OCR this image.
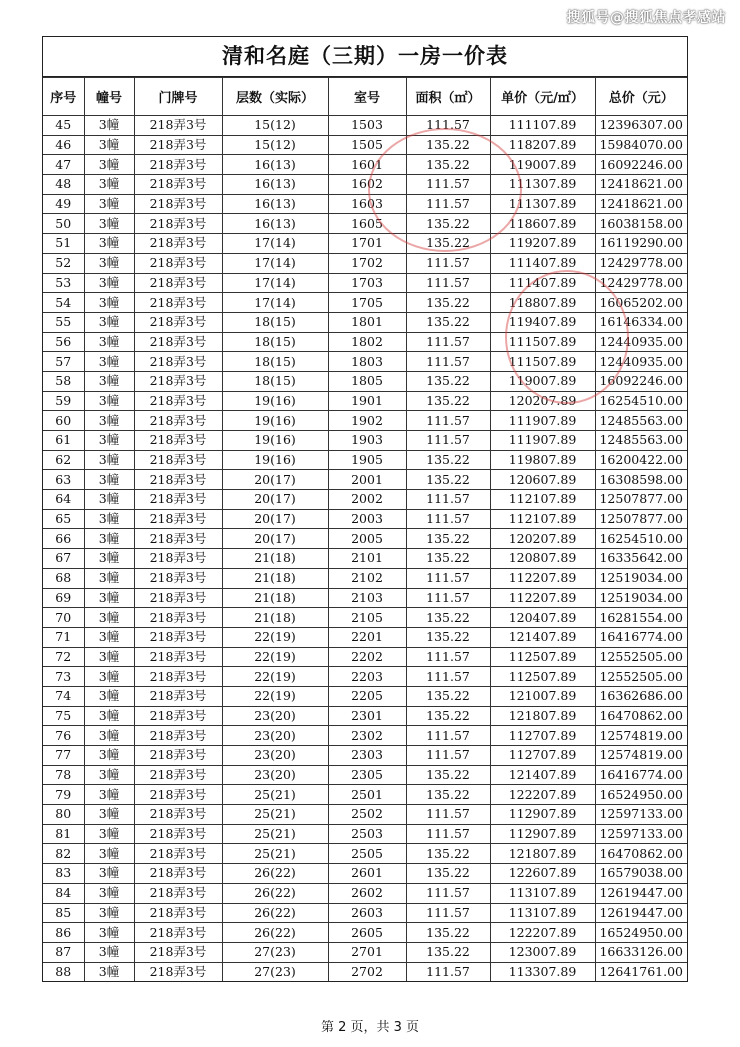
搜狐号@搜狐焦点孝感站
清和名庭（三期）一房一价表
序号	幢号	门牌号	层数（实际）	室号	面积（㎡）	单价（元/㎡）	总价（元）
45	3幢	218弄3号	15(12)	1503	111.57	111107.89	12396307.00
46	3幢	218弄3号	15(12)	1505	135.22	118207.89	15984070.00
47	3幢	218弄3号	16(13)	1601	135.22	119007.89	16092246.00
48	3幢	218弄3号	16(13)	1602	111.57	111307.89	12418621.00
49	3幢	218弄3号	16(13)	1603	111.57	111307.89	12418621.00
50	3幢	218弄3号	16(13)	1605	135.22	118607.89	16038158.00
51	3幢	218弄3号	17(14)	1701	135.22	119207.89	16119290.00
52	3幢	218弄3号	17(14)	1702	111.57	111407.89	12429778.00
53	3幢	218弄3号	17(14)	1703	111.57	111407.89	12429778.00
54	3幢	218弄3号	17(14)	1705	135.22	118807.89	16065202.00
55	3幢	218弄3号	18(15)	1801	135.22	119407.89	16146334.00
56	3幢	218弄3号	18(15)	1802	111.57	111507.89	12440935.00
57	3幢	218弄3号	18(15)	1803	111.57	111507.89	12440935.00
58	3幢	218弄3号	18(15)	1805	135.22	119007.89	16092246.00
59	3幢	218弄3号	19(16)	1901	135.22	120207.89	16254510.00
60	3幢	218弄3号	19(16)	1902	111.57	111907.89	12485563.00
61	3幢	218弄3号	19(16)	1903	111.57	111907.89	12485563.00
62	3幢	218弄3号	19(16)	1905	135.22	119807.89	16200422.00
63	3幢	218弄3号	20(17)	2001	135.22	120607.89	16308598.00
64	3幢	218弄3号	20(17)	2002	111.57	112107.89	12507877.00
65	3幢	218弄3号	20(17)	2003	111.57	112107.89	12507877.00
66	3幢	218弄3号	20(17)	2005	135.22	120207.89	16254510.00
67	3幢	218弄3号	21(18)	2101	135.22	120807.89	16335642.00
68	3幢	218弄3号	21(18)	2102	111.57	112207.89	12519034.00
69	3幢	218弄3号	21(18)	2103	111.57	112207.89	12519034.00
70	3幢	218弄3号	21(18)	2105	135.22	120407.89	16281554.00
71	3幢	218弄3号	22(19)	2201	135.22	121407.89	16416774.00
72	3幢	218弄3号	22(19)	2202	111.57	112507.89	12552505.00
73	3幢	218弄3号	22(19)	2203	111.57	112507.89	12552505.00
74	3幢	218弄3号	22(19)	2205	135.22	121007.89	16362686.00
75	3幢	218弄3号	23(20)	2301	135.22	121807.89	16470862.00
76	3幢	218弄3号	23(20)	2302	111.57	112707.89	12574819.00
77	3幢	218弄3号	23(20)	2303	111.57	112707.89	12574819.00
78	3幢	218弄3号	23(20)	2305	135.22	121407.89	16416774.00
79	3幢	218弄3号	25(21)	2501	135.22	122207.89	16524950.00
80	3幢	218弄3号	25(21)	2502	111.57	112907.89	12597133.00
81	3幢	218弄3号	25(21)	2503	111.57	112907.89	12597133.00
82	3幢	218弄3号	25(21)	2505	135.22	121807.89	16470862.00
83	3幢	218弄3号	26(22)	2601	135.22	122607.89	16579038.00
84	3幢	218弄3号	26(22)	2602	111.57	113107.89	12619447.00
85	3幢	218弄3号	26(22)	2603	111.57	113107.89	12619447.00
86	3幢	218弄3号	26(22)	2605	135.22	122207.89	16524950.00
87	3幢	218弄3号	27(23)	2701	135.22	123007.89	16633126.00
88	3幢	218弄3号	27(23)	2702	111.57	113307.89	12641761.00
第 2 页，共 3 页
